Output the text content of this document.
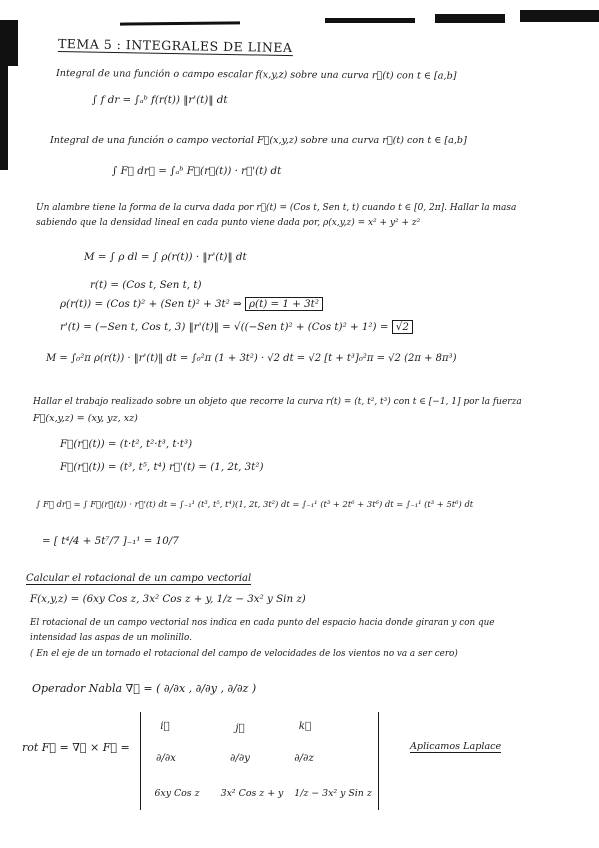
TEMA 5 : INTEGRALES DE LINEA
Integral de una función o campo escalar f(x,y,z) sobre una curva r⃗(t) con t ∈ [a,b]
∫ f dr = ∫ₐᵇ f(r(t)) ‖r'(t)‖ dt
Integral de una función o campo vectorial F⃗(x,y,z) sobre una curva r⃗(t) con t ∈ [a,b]
∫ F⃗ dr⃗ = ∫ₐᵇ F⃗(r⃗(t)) · r⃗'(t) dt
Un alambre tiene la forma de la curva dada por r⃗(t) = (Cos t, Sen t, t) cuando t ∈ [0, 2π]. Hallar la masa
sabiendo que la densidad lineal en cada punto viene dada por, ρ(x,y,z) = x² + y² + z²
M = ∫ ρ dl = ∫ ρ(r(t)) · ‖r'(t)‖ dt
r(t) = (Cos t, Sen t, t)
ρ(r(t)) = (Cos t)² + (Sen t)² + 3t² ⇒ ρ(t) = 1 + 3t²
r'(t) = (−Sen t, Cos t, 3) ‖r'(t)‖ = √((−Sen t)² + (Cos t)² + 1²) = √2
M = ∫₀²π ρ(r(t)) · ‖r'(t)‖ dt = ∫₀²π (1 + 3t²) · √2 dt = √2 [t + t³]₀²π = √2 (2π + 8π³)
Hallar el trabajo realizado sobre un objeto que recorre la curva r(t) = (t, t², t³) con t ∈ [−1, 1] por la fuerza
F⃗(x,y,z) = (xy, yz, xz)
F⃗(r⃗(t)) = (t·t², t²·t³, t·t³)
F⃗(r⃗(t)) = (t³, t⁵, t⁴) r⃗'(t) = (1, 2t, 3t²)
∫ F⃗ dr⃗ = ∫ F⃗(r⃗(t)) · r⃗'(t) dt = ∫₋₁¹ (t³, t⁵, t⁴)(1, 2t, 3t²) dt = ∫₋₁¹ (t³ + 2t⁶ + 3t⁶) dt = ∫₋₁¹ (t³ + 5t⁶) dt
= [ t⁴/4 + 5t⁷/7 ]₋₁¹ = 10/7
Calcular el rotacional de un campo vectorial
F(x,y,z) = (6xy Cos z, 3x² Cos z + y, 1/z − 3x² y Sin z)
El rotacional de un campo vectorial nos indica en cada punto del espacio hacia donde giraran y con que
intensidad las aspas de un molinillo.
( En el eje de un tornado el rotacional del campo de velocidades de los vientos no va a ser cero)
Operador Nabla ∇⃗ = ( ∂/∂x , ∂/∂y , ∂/∂z )
rot F⃗ = ∇⃗ × F⃗ =
i⃗	j⃗	k⃗
∂/∂x	∂/∂y	∂/∂z
6xy Cos z	3x² Cos z + y	1/z − 3x² y Sin z
Aplicamos Laplace
